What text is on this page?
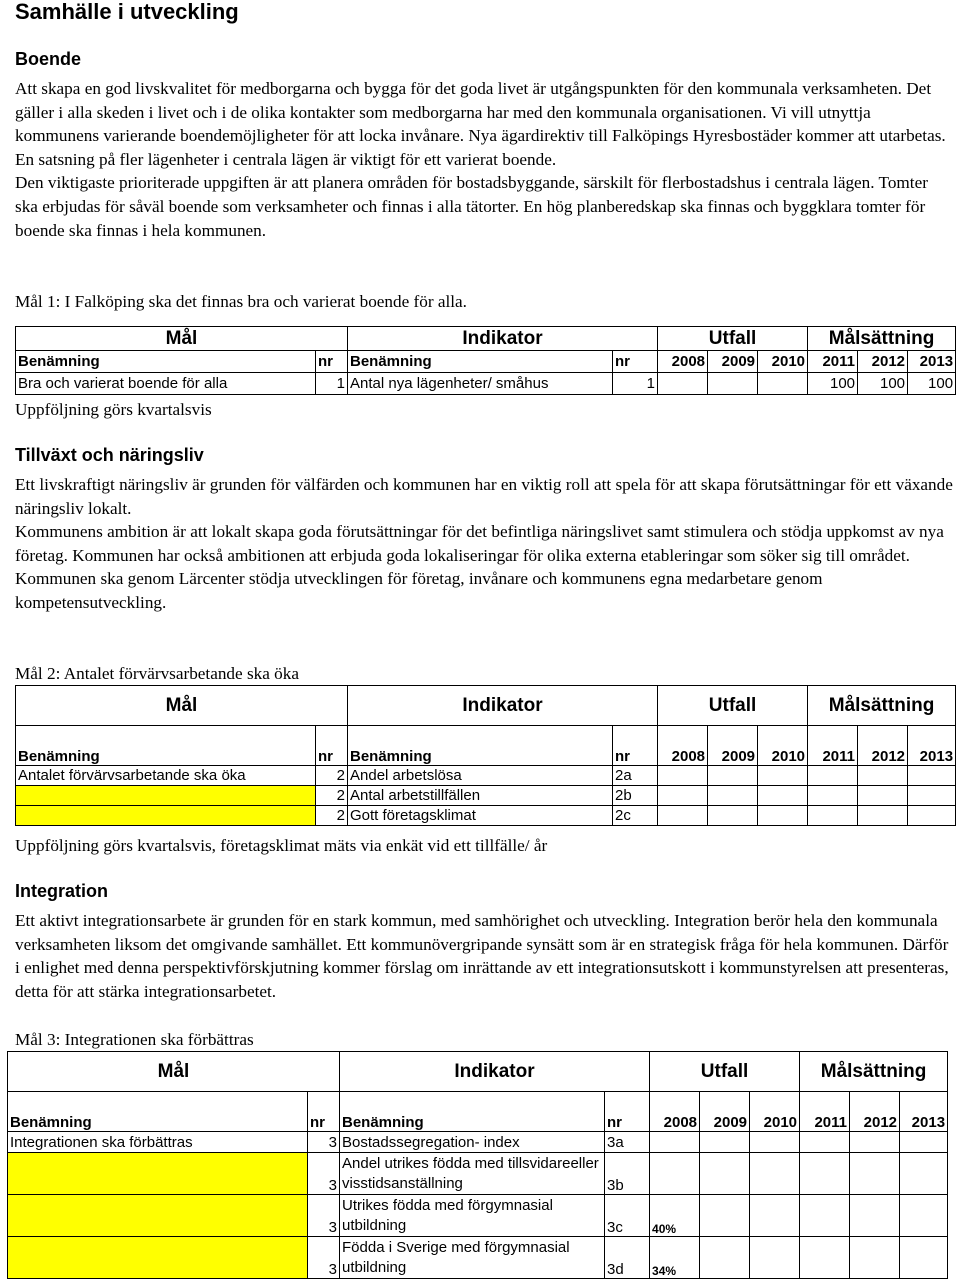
Samhälle i utveckling
Boende

Att skapa en god livskvalitet för medborgarna och bygga för det goda livet är utgångspunkten för den kommunala verksamheten. Det gäller i alla skeden i livet och i de olika kontakter som medborgarna har med den kommunala organisationen. Vi vill utnyttja kommunens varierande boendemöjligheter för att locka invånare. Nya ägardirektiv till Falköpings Hyresbostäder kommer att utarbetas. En satsning på fler lägenheter i centrala lägen är viktigt för ett varierat boende.

Den viktigaste prioriterade uppgiften är att planera områden för bostadsbyggande, särskilt för flerbostadshus i centrala lägen. Tomter ska erbjudas för såväl boende som verksamheter och finnas i alla tätorter. En hög planberedskap ska finnas och byggklara tomter för boende ska finnas i hela kommunen.

Mål 1: I Falköping ska det finnas bra och varierat boende för alla.
Mål		Indikator		Utfall			Målsättning		
Benämning	nr	Benämning	nr	2008	2009	2010	2011	2012	2013
Bra och varierat boende för alla	1	Antal nya lägenheter/ småhus	1				100	100	100
Uppföljning görs kvartalsvis
Tillväxt och näringsliv

Ett livskraftigt näringsliv är grunden för välfärden och kommunen har en viktig roll att spela för att skapa förutsättningar för ett växande näringsliv lokalt.

Kommunens ambition är att lokalt skapa goda förutsättningar för det befintliga näringslivet samt stimulera och stödja uppkomst av nya företag. Kommunen har också ambitionen att erbjuda goda lokaliseringar för olika externa etableringar som söker sig till området.

Kommunen ska genom Lärcenter stödja utvecklingen för företag, invånare och kommunens egna medarbetare genom kompetensutveckling.

Mål 2: Antalet förvärvsarbetande ska öka
Mål		Indikator		Utfall			Målsättning		
Benämning	nr	Benämning	nr	2008	2009	2010	2011	2012	2013
Antalet förvärvsarbetande ska öka	2	Andel arbetslösa	2a						
	2	Antal arbetstillfällen	2b						
	2	Gott företagsklimat	2c						
Uppföljning görs kvartalsvis, företagsklimat mäts via enkät vid ett tillfälle/ år
Integration

Ett aktivt integrationsarbete är grunden för en stark kommun, med samhörighet och utveckling. Integration berör hela den kommunala verksamheten liksom det omgivande samhället. Ett kommunövergripande synsätt som är en strategisk fråga för hela kommunen. Därför i enlighet med denna perspektivförskjutning kommer förslag om inrättande av ett integrationsutskott i kommunstyrelsen att presenteras, detta för att stärka integrationsarbetet.

Mål 3: Integrationen ska förbättras
Mål		Indikator		Utfall			Målsättning		
Benämning	nr	Benämning	nr	2008	2009	2010	2011	2012	2013
Integrationen ska förbättras	3	Bostadssegregation- index	3a						
	3	Andel utrikes födda med tillsvidareeller visstidsanställning	3b						
	3	Utrikes födda med förgymnasial utbildning	3c	40%					
	3	Födda i Sverige med förgymnasial utbildning	3d	34%					
